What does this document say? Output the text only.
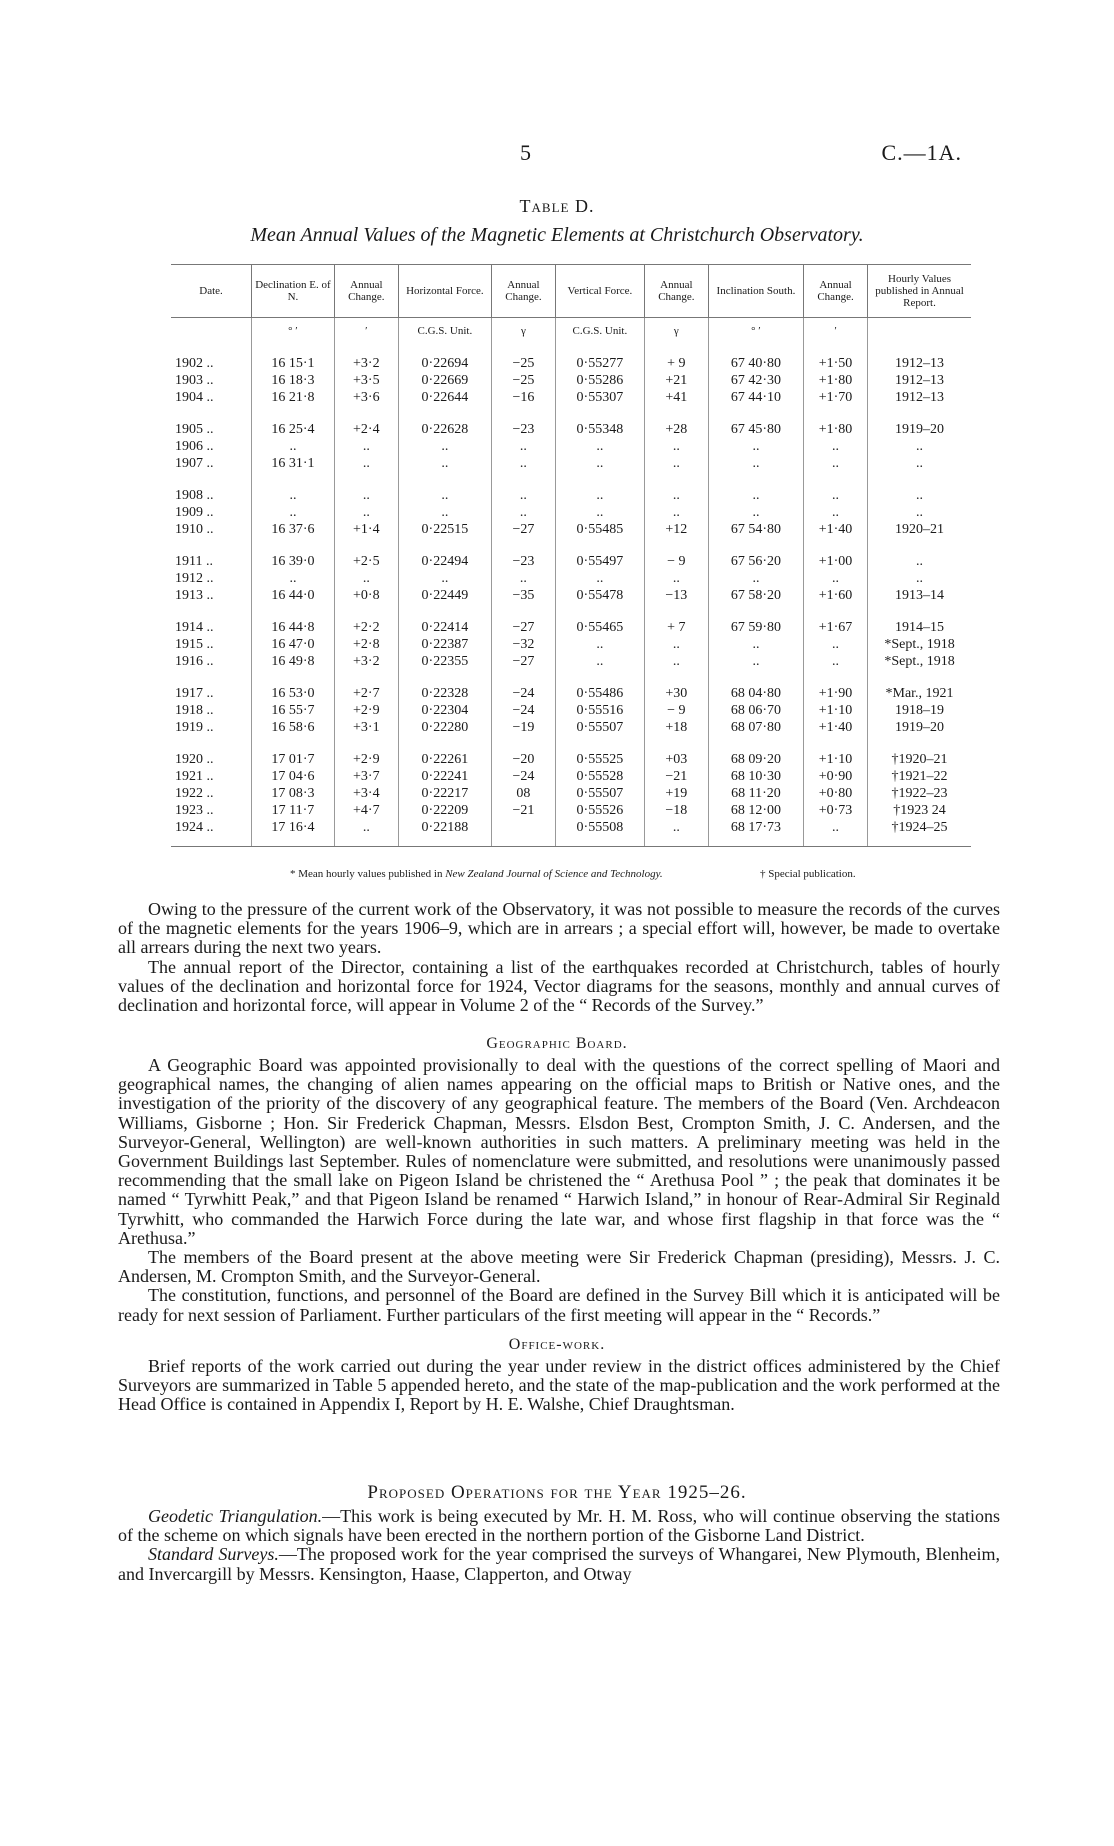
5	C.—1A.
Table D.
Mean Annual Values of the Magnetic Elements at Christchurch Observatory.
Date.	Declination E. of N.	Annual Change.	Horizontal Force.	Annual Change.	Vertical Force.	Annual Change.	Inclination South.	Annual Change.	Hourly Values published in Annual Report.
	° ′	′	C.G.S. Unit.	γ	C.G.S. Unit.	γ	° ′	′	

1902 ..	16 15·1	+3·2	0·22694	−25	0·55277	+ 9	67 40·80	+1·50	1912–13
1903 ..	16 18·3	+3·5	0·22669	−25	0·55286	+21	67 42·30	+1·80	1912–13
1904 ..	16 21·8	+3·6	0·22644	−16	0·55307	+41	67 44·10	+1·70	1912–13

1905 ..	16 25·4	+2·4	0·22628	−23	0·55348	+28	67 45·80	+1·80	1919–20
1906 ..	..	..	..	..	..	..	..	..	..
1907 ..	16 31·1	..	..	..	..	..	..	..	..

1908 ..	..	..	..	..	..	..	..	..	..
1909 ..	..	..	..	..	..	..	..	..	..
1910 ..	16 37·6	+1·4	0·22515	−27	0·55485	+12	67 54·80	+1·40	1920–21

1911 ..	16 39·0	+2·5	0·22494	−23	0·55497	− 9	67 56·20	+1·00	..
1912 ..	..	..	..	..	..	..	..	..	..
1913 ..	16 44·0	+0·8	0·22449	−35	0·55478	−13	67 58·20	+1·60	1913–14

1914 ..	16 44·8	+2·2	0·22414	−27	0·55465	+ 7	67 59·80	+1·67	1914–15
1915 ..	16 47·0	+2·8	0·22387	−32	..	..	..	..	*Sept., 1918
1916 ..	16 49·8	+3·2	0·22355	−27	..	..	..	..	*Sept., 1918

1917 ..	16 53·0	+2·7	0·22328	−24	0·55486	+30	68 04·80	+1·90	*Mar., 1921
1918 ..	16 55·7	+2·9	0·22304	−24	0·55516	− 9	68 06·70	+1·10	1918–19
1919 ..	16 58·6	+3·1	0·22280	−19	0·55507	+18	68 07·80	+1·40	1919–20

1920 ..	17 01·7	+2·9	0·22261	−20	0·55525	+03	68 09·20	+1·10	†1920–21
1921 ..	17 04·6	+3·7	0·22241	−24	0·55528	−21	68 10·30	+0·90	†1921–22
1922 ..	17 08·3	+3·4	0·22217	08	0·55507	+19	68 11·20	+0·80	†1922–23
1923 ..	17 11·7	+4·7	0·22209	−21	0·55526	−18	68 12·00	+0·73	†1923 24
1924 ..	17 16·4	..	0·22188		0·55508	..	68 17·73	..	†1924–25

* Mean hourly values published in New Zealand Journal of Science and Technology.	† Special publication.

Owing to the pressure of the current work of the Observatory, it was not possible to measure the records of the curves of the magnetic elements for the years 1906–9, which are in arrears ; a special effort will, however, be made to overtake all arrears during the next two years.

The annual report of the Director, containing a list of the earthquakes recorded at Christchurch, tables of hourly values of the declination and horizontal force for 1924, Vector diagrams for the seasons, monthly and annual curves of declination and horizontal force, will appear in Volume 2 of the “ Records of the Survey.”

Geographic Board.

A Geographic Board was appointed provisionally to deal with the questions of the correct spelling of Maori and geographical names, the changing of alien names appearing on the official maps to British or Native ones, and the investigation of the priority of the discovery of any geographical feature. The members of the Board (Ven. Archdeacon Williams, Gisborne ; Hon. Sir Frederick Chapman, Messrs. Elsdon Best, Crompton Smith, J. C. Andersen, and the Surveyor-General, Wellington) are well-known authorities in such matters. A preliminary meeting was held in the Government Buildings last September. Rules of nomenclature were submitted, and resolutions were unanimously passed recommending that the small lake on Pigeon Island be christened the “ Arethusa Pool ” ; the peak that dominates it be named “ Tyrwhitt Peak,” and that Pigeon Island be renamed “ Harwich Island,” in honour of Rear-Admiral Sir Reginald Tyrwhitt, who commanded the Harwich Force during the late war, and whose first flagship in that force was the “ Arethusa.”

The members of the Board present at the above meeting were Sir Frederick Chapman (presiding), Messrs. J. C. Andersen, M. Crompton Smith, and the Surveyor-General.

The constitution, functions, and personnel of the Board are defined in the Survey Bill which it is anticipated will be ready for next session of Parliament. Further particulars of the first meeting will appear in the “ Records.”

Office-work.

Brief reports of the work carried out during the year under review in the district offices administered by the Chief Surveyors are summarized in Table 5 appended hereto, and the state of the map-publication and the work performed at the Head Office is contained in Appendix I, Report by H. E. Walshe, Chief Draughtsman.

Proposed Operations for the Year 1925–26.

Geodetic Triangulation.—This work is being executed by Mr. H. M. Ross, who will continue observing the stations of the scheme on which signals have been erected in the northern portion of the Gisborne Land District.

Standard Surveys.—The proposed work for the year comprised the surveys of Whangarei, New Plymouth, Blenheim, and Invercargill by Messrs. Kensington, Haase, Clapperton, and Otway
